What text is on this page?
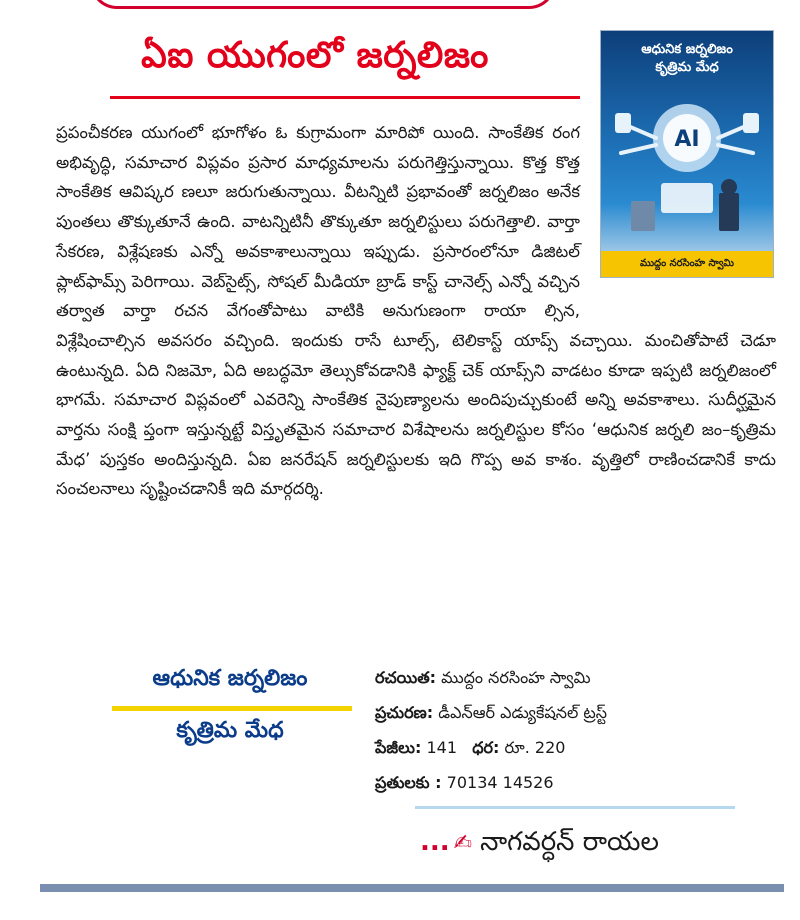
ఏఐ యుగంలో జర్నలిజం	ఆధునిక జర్నలిజం
కృత్రిమ మేధ
AI
ముద్దం నరసింహ స్వామి

ప్రపంచీకరణ యుగంలో భూగోళం ఓ కుగ్రామంగా మారిపో యింది. సాంకేతిక రంగ అభివృద్ధి, సమాచార విప్లవం ప్రసార మాధ్యమాలను పరుగెత్తిస్తున్నాయి. కొత్త కొత్త సాంకేతిక ఆవిష్కర ణలూ జరుగుతున్నాయి. వీటన్నిటి ప్రభావంతో జర్నలిజం అనేక పుంతలు తొక్కుతూనే ఉంది. వాటన్నిటినీ తొక్కుతూ జర్నలిస్టులు పరుగెత్తాలి. వార్తా సేకరణ, విశ్లేషణకు ఎన్నో అవకాశాలున్నాయి ఇప్పుడు. ప్రసారంలోనూ డిజిటల్ ప్లాట్‌ఫామ్స్ పెరిగాయి. వెబ్‌సైట్స్, సోషల్ మీడియా బ్రాడ్ కాస్ట్ చానెల్స్ ఎన్నో వచ్చిన తర్వాత వార్తా రచన వేగంతోపాటు వాటికి అనుగుణంగా రాయా ల్సిన, విశ్లేషించాల్సిన అవసరం వచ్చింది. ఇందుకు రాసే టూల్స్, టెలికాస్ట్ యాప్స్ వచ్చాయి. మంచితోపాటే చెడూ ఉంటున్నది. ఏది నిజమో, ఏది అబద్ధమో తెల్సుకోవడానికి ఫ్యాక్ట్ చెక్ యాప్స్‌ని వాడటం కూడా ఇప్పటి జర్నలిజంలో భాగమే. సమాచార విప్లవంలో ఎవరెన్ని సాంకేతిక నైపుణ్యాలను అందిపుచ్చుకుంటే అన్ని అవకాశాలు. సుదీర్ఘమైన వార్తను సంక్షి ప్తంగా ఇస్తున్నట్టే విస్తృతమైన సమాచార విశేషాలను జర్నలిస్టుల కోసం ‘ఆధునిక జర్నలి జం–కృత్రిమ మేధ’ పుస్తకం అందిస్తున్నది. ఏఐ జనరేషన్ జర్నలిస్టులకు ఇది గొప్ప అవ కాశం. వృత్తిలో రాణించడానికే కాదు సంచలనాలు సృష్టించడానికీ ఇది మార్గదర్శి.

ఆధునిక జర్నలిజం
కృత్రిమ మేధ
రచయిత: ముద్దం నరసింహ స్వామి
ప్రచురణ: డీఎన్‌ఆర్ ఎడ్యుకేషనల్ ట్రస్ట్
పేజీలు: 141 ధర: రూ. 220
ప్రతులకు : 70134 14526
... ✍ నాగవర్ధన్ రాయల
